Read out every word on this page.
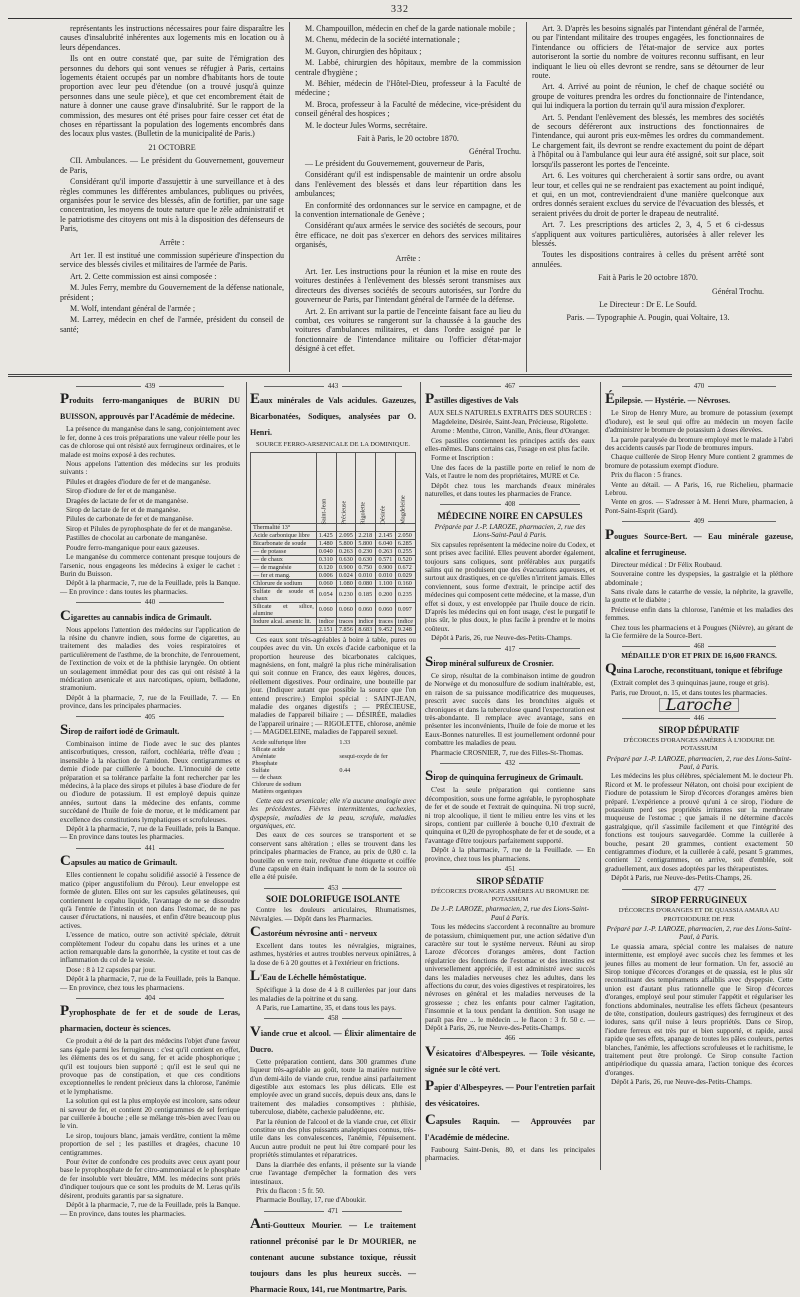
332

représentants les instructions nécessaires pour faire disparaître les causes d'insalubrité inhérentes aux logements mis en location ou à leurs dépendances.

Ils ont en outre constaté que, par suite de l'émigration des personnes du dehors qui sont venues se réfugier à Paris, certains logements étaient occupés par un nombre d'habitants hors de toute proportion avec leur peu d'étendue (on a trouvé jusqu'à quinze personnes dans une seule pièce), et que cet encombrement était de nature à donner une cause grave d'insalubrité. Sur le rapport de la commission, des mesures ont été prises pour faire cesser cet état de choses en répartissant la population des logements encombrés dans des locaux plus vastes. (Bulletin de la municipalité de Paris.)

21 OCTOBRE

CII. Ambulances. — Le président du Gouvernement, gouverneur de Paris,

Considérant qu'il importe d'assujettir à une surveillance et à des règles communes les différentes ambulances, publiques ou privées, organisées pour le service des blessés, afin de fortifier, par une sage concentration, les moyens de toute nature que le zèle administratif et le patriotisme des citoyens ont mis à la disposition des défenseurs de Paris,

Arrête :

Art 1er. Il est institué une commission supérieure d'inspection du service des blessés civiles et militaires de l'armée de Paris.

Art. 2. Cette commission est ainsi composée :

M. Jules Ferry, membre du Gouvernement de la défense nationale, président ;

M. Wolf, intendant général de l'armée ;

M. Larrey, médecin en chef de l'armée, président du conseil de santé;

M. Champouillon, médecin en chef de la garde nationale mobile ;

M. Chenu, médecin de la société internationale ;

M. Guyon, chirurgien des hôpitaux ;

M. Labbé, chirurgien des hôpitaux, membre de la commission centrale d'hygiène ;

M. Béhier, médecin de l'Hôtel-Dieu, professeur à la Faculté de médecine ;

M. Broca, professeur à la Faculté de médecine, vice-président du conseil général des hospices ;

M. le docteur Jules Worms, secrétaire.

Fait à Paris, le 20 octobre 1870.

Général Trochu.

— Le président du Gouvernement, gouverneur de Paris,

Considérant qu'il est indispensable de maintenir un ordre absolu dans l'enlèvement des blessés et dans leur répartition dans les ambulances;

En conformité des ordonnances sur le service en campagne, et de la convention internationale de Genève ;

Considérant qu'aux armées le service des sociétés de secours, pour être efficace, ne doit pas s'exercer en dehors des services militaires organisés,

Arrête :

Art. 1er. Les instructions pour la réunion et la mise en route des voitures destinées à l'enlèvement des blessés seront transmises aux directeurs des diverses sociétés de secours autorisées, sur l'ordre du gouverneur de Paris, par l'intendant général de l'armée de la défense.

Art. 2. En arrivant sur la partie de l'enceinte faisant face au lieu du combat, ces voitures se rangeront sur la chaussée à la gauche des voitures d'ambulances militaires, et dans l'ordre assigné par le fonctionnaire de l'intendance militaire ou l'officier d'état-major désigné à cet effet.

Art. 3. D'après les besoins signalés par l'intendant général de l'armée, ou par l'intendant militaire des troupes engagées, les fonctionnaires de l'intendance ou officiers de l'état-major de service aux portes autoriseront la sortie du nombre de voitures reconnu suffisant, en leur indiquant le lieu où elles devront se rendre, sans se détourner de leur route.

Art. 4. Arrivé au point de réunion, le chef de chaque société ou groupe de voitures prendra les ordres du fonctionnaire de l'intendance, qui lui indiquera la portion du terrain qu'il aura mission d'explorer.

Art. 5. Pendant l'enlèvement des blessés, les membres des sociétés de secours déféreront aux instructions des fonctionnaires de l'intendance, qui auront pris eux-mêmes les ordres du commandement. Le chargement fait, ils devront se rendre exactement du point de départ à l'hôpital ou à l'ambulance qui leur aura été assigné, soit sur place, soit lorsqu'ils passeront les portes de l'enceinte.

Art. 6. Les voitures qui chercheraient à sortir sans ordre, ou avant leur tour, et celles qui ne se rendraient pas exactement au point indiqué, et qui, en un mot, contreviendraient d'une manière quelconque aux ordres donnés seraient exclues du service de l'évacuation des blessés, et seraient privées du droit de porter le drapeau de neutralité.

Art. 7. Les prescriptions des articles 2, 3, 4, 5 et 6 ci-dessus s'appliquent aux voitures particulières, autorisées à aller relever les blessés.

Toutes les dispositions contraires à celles du présent arrêté sont annulées.

Fait à Paris le 20 octobre 1870.

Général Trochu.

Le Directeur : Dr E. Le Soufd.

Paris. — Typographie A. Pougin, quai Voltaire, 13.

439

Produits ferro-manganiques de BURIN DU BUISSON, approuvés par l'Académie de médecine.

La présence du manganèse dans le sang, conjointement avec le fer, donne à ces trois préparations une valeur réelle pour les cas de chlorose qui ont résisté aux ferrugineux ordinaires, et le malade est moins exposé à des rechutes.

Nous appelons l'attention des médecins sur les produits suivants :

Pilules et dragées d'iodure de fer et de manganèse.

Sirop d'iodure de fer et de manganèse.

Dragées de lactate de fer et de manganèse.

Sirop de lactate de fer et de manganèse.

Pilules de carbonate de fer et de manganèse.

Sirop et Pilules de pyrophosphate de fer et de manganèse.

Pastilles de chocolat au carbonate de manganèse.

Poudre ferro-manganique pour eaux gazeuses.

Le manganèse du commerce contenant presque toujours de l'arsenic, nous engageons les médecins à exiger le cachet : Burin du Buisson.

Dépôt à la pharmacie, 7, rue de la Feuillade, près la Banque. — En province : dans toutes les pharmacies.

440

Cigarettes au cannabis indica de Grimault.

Nous appelons l'attention des médecins sur l'application de la résine du chanvre indien, sous forme de cigarettes, au traitement des maladies des voies respiratoires et particulièrement de l'asthme, de la bronchite, de l'enrouement, de l'extinction de voix et de la phthisie laryngée. On obtient un soulagement immédiat pour des cas qui ont résisté à la médication arsenicale et aux narcotiques, opium, belladone, stramonium.

Dépôt à la pharmacie, 7, rue de la Feuillade, 7. — En province, dans les principales pharmacies.

405

Sirop de raifort iodé de Grimault.

Combinaison intime de l'iode avec le suc des plantes antiscorbutiques, cresson, raifort, cochléaria, trèfle d'eau ; insensible à la réaction de l'amidon. Deux centigrammes et demie d'iode par cuillerée à bouche. L'innocuité de cette préparation et sa tolérance parfaite la font rechercher par les médecins, à la place des sirops et pilules à base d'iodure de fer ou d'iodure de potassium. Il est employé depuis quinze années, surtout dans la médecine des enfants, comme succédané de l'huile de foie de morue, et le médicament par excellence des constitutions lymphatiques et scrofuleuses.

Dépôt à la pharmacie, 7, rue de la Feuillade, près la Banque. — En province dans toutes les pharmacies.

441

Capsules au matico de Grimault.

Elles contiennent le copahu solidifié associé à l'essence de matico (piper angustifolium du Pérou). Leur enveloppe est formée de gluten. Elles ont sur les capsules gélatineuses, qui contiennent le copahu liquide, l'avantage de ne se dissoudre qu'à l'entrée de l'intestin et non dans l'estomac, de ne pas causer d'éructations, ni nausées, et enfin d'être beaucoup plus actives.

L'essence de matico, outre son activité spéciale, détruit complètement l'odeur du copahu dans les urines et a une action remarquable dans la gonorrhée, la cystite et tout cas de inflammation du col de la vessie.

Dose : 8 à 12 capsules par jour.

Dépôt à la pharmacie, 7, rue de la Feuillade, près la Banque. — En province, chez tous les pharmaciens.

404

Pyrophosphate de fer et de soude de Leras, pharmacien, docteur ès sciences.

Ce produit a été de la part des médecins l'objet d'une faveur sans égale parmi les ferrugineux : c'est qu'il contient en effet, les éléments des os et du sang, fer et acide phosphorique ; qu'il est toujours bien supporté ; qu'il est le seul qui ne provoque pas de constipation, et que ces conditions exceptionnelles le rendent précieux dans la chlorose, l'anémie et le lymphatisme.

La solution qui est la plus employée est incolore, sans odeur ni saveur de fer, et contient 20 centigrammes de sel ferrique par cuillerée à bouche ; elle se mélange très-bien avec l'eau ou le vin.

Le sirop, toujours blanc, jamais verdâtre, contient la même proportion de sel ; les pastilles et dragées, chacune 10 centigrammes.

Pour éviter de confondre ces produits avec ceux ayant pour base le pyrophosphate de fer citro-ammoniacal et le phosphate de fer insoluble vert bleuâtre, MM. les médecins sont priés d'indiquer toujours que ce sont les produits de M. Leras qu'ils désirent, produits garantis par sa signature.

Dépôt à la pharmacie, 7, rue de la Feuillade, près la Banque. — En province, dans toutes les pharmacies.

443

Eaux minérales de Vals acidules. Gazeuzes, Bicarbonatées, Sodiques, analysées par O. Henri.

SOURCE FERRO-ARSENICALE DE LA DOMINIQUE.

	Saint-Jean	Précieuse	Rigolette	Désirée	Magdeleine
Thermalité 13°					
Acide carbonique libre	1.425	2.095	2.218	2.145	2.050
Bicarbonate de soude	1.480	5.800	5.800	6.040	6.285
— de potasse	0.040	0.263	0.230	0.263	0.255
— de chaux	0.310	0.630	0.630	0.571	0.520
— de magnésie	0.120	0.900	0.750	0.900	0.672
— fer et mang.	0.006	0.024	0.010	0.010	0.029
Chlorure de sodium	0.060	1.080	0.080	1.100	0.160
Sulfate de soude et chaux	0.054	0.230	0.185	0.200	0.235
Silicate et silice, alumine	0.060	0.060	0.060	0.060	0.097
Iodure alcal. arsenic lit.	indice	traces	indice	traces	indice
	2.151	7.856	8.683	9.452	9.248

Ces eaux sont très-agréables à boire à table, pures ou coupées avec du vin. Un excès d'acide carbonique et la proportion heureuse des bicarbonates calciques, magnésiens, en font, malgré la plus riche minéralisation qui soit connue en France, des eaux légères, douces, réellement digestives. Pour ordinaire, une bouteille par jour. (Indiquer autant que possible la source que l'on entend prescrire.) Emploi spécial : SAINT-JEAN, maladie des organes digestifs ; — PRÉCIEUSE, maladies de l'appareil biliaire ; — DÉSIRÉE, maladies de l'appareil urinaire ; — RIGOLETTE, chlorose, anémie ; — MAGDELEINE, maladies de l'appareil sexuel.

Acide sulfurique libre	1.33
Silicate acide	
Arséniate	sesqui-oxyde de fer
Phosphate	
Sulfate	0.44
— de chaux	
Chlorure de sodium	
Matières organiques	

Cette eau est arsenicale; elle n'a aucune analogie avec les précédentes. Fièvres intermittentes, cachexies, dyspepsie, maladies de la peau, scrofule, maladies organiques, etc.

Des eaux de ces sources se transportent et se conservent sans altération ; elles se trouvent dans les principales pharmacies de France, au prix de 0,80 c. la bouteille en verre noir, revêtue d'une étiquette et coiffée d'une capsule en étain indiquant le nom de la source où elle a été puisée.

453

SOIE DOLORIFUGE ISOLANTE

Contre les douleurs articulaires, Rhumatismes, Névralgies. — Dépôt dans les Pharmacies.

Castoréum névrosine anti - nerveux

Excellent dans toutes les névralgies, migraines, asthmes, hystéries et autres troubles nerveux opiniâtres, à la dose de 6 à 20 gouttes et à l'extérieur en frictions.

L'Eau de Léchelle hémôstatique.

Spécifique à la dose de 4 à 8 cuillerées par jour dans les maladies de la poitrine et du sang.

A Paris, rue Lamartine, 35, et dans tous les pays.

458

Viande crue et alcool. — Élixir alimentaire de Ducro.

Cette préparation contient, dans 300 grammes d'une liqueur très-agréable au goût, toute la matière nutritive d'un demi-kilo de viande crue, rendue ainsi parfaitement digestible aux estomacs les plus délicats. Elle est employée avec un grand succès, depuis deux ans, dans le traitement des maladies consomptives : phthisie, tuberculose, diabète, cachexie paludéenne, etc.

Par la réunion de l'alcool et de la viande crue, cet élixir constitue un des plus puissants analeptiques connus, très-utile dans les convalescences, l'anémie, l'épuisement. Aucun autre produit ne peut lui être comparé pour les propriétés stimulantes et réparatrices.

Dans la diarrhée des enfants, il présente sur la viande crue l'avantage d'empêcher la formation des vers intestinaux.

Prix du flacon : 5 fr. 50.

Pharmacie Boullay, 17, rue d'Aboukir.

471

Anti-Goutteux Mourier. — Le traitement rationnel préconisé par le Dr MOURIER, ne contenant aucune substance toxique, réussit toujours dans les plus heureux succès. — Pharmacie Roux, 141, rue Montmartre, Paris.

467

Pastilles digestives de Vals

AUX SELS NATURELS EXTRAITS DES SOURCES : Magdeleine, Désirée, Saint-Jean, Précieuse, Rigolette.

Arome : Menthe, Citron, Vanille, Anis, fleur d'Oranger.

Ces pastilles contiennent les principes actifs des eaux elles-mêmes. Dans certains cas, l'usage en est plus facile.

Forme et Inscription :

Une des faces de la pastille porte en relief le nom de Vals, et l'autre le nom des propriétaires, MURE et Ce.

Dépôt chez tous les marchands d'eaux minérales naturelles, et dans toutes les pharmacies de France.

408

MÉDECINE NOIRE EN CAPSULES

Préparée par J.-P. LAROZE, pharmacien, 2, rue des Lions-Saint-Paul à Paris.

Six capsules représentent la médecine noire du Codex, et sont prises avec facilité. Elles peuvent aborder également, toujours sans coliques, sont préférables aux purgatifs salins qui ne produisent que des évacuations aqueuses, et surtout aux drastiques, en ce qu'elles n'irritent jamais. Elles conviennent, sous forme d'extrait, le principe actif des médecines qui composent cette médecine, et la masse, d'un effet si doux, y est enveloppée par l'huile douce de ricin. D'après les médecins qui en font usage, c'est le purgatif le plus sûr, le plus doux, le plus facile à prendre et le moins coûteux.

Dépôt à Paris, 26, rue Neuve-des-Petits-Champs.

417

Sirop minéral sulfureux de Crosnier.

Ce sirop, résultat de la combinaison intime de goudron de Norwège et du monosulfure de sodium inaltérable, est, en raison de sa puissance modificatrice des muqueuses, prescrit avec succès dans les bronchites aiguës et chroniques et dans la tuberculose quand l'expectoration est très-abondante. Il remplace avec avantage, sans en présenter les inconvénients, l'huile de foie de morue et les Eaux-Bonnes naturelles. Il est journellement ordonné pour combattre les maladies de peau.

Pharmacie CROSNIER, 7, rue des Filles-St-Thomas.

432

Sirop de quinquina ferrugineux de Grimault.

C'est la seule préparation qui contienne sans décomposition, sous une forme agréable, le pyrophosphate de fer et de soude et l'extrait de quinquina. Ni trop sucré, ni trop alcoolique, il tient le milieu entre les vins et les sirops, contient par cuillerée à bouche 0,10 d'extrait de quinquina et 0,20 de pyrophosphate de fer et de soude, et a l'avantage d'être toujours parfaitement supporté.

Dépôt à la pharmacie, 7, rue de la Feuillade. — En province, chez tous les pharmaciens.

451

SIROP SÉDATIF

D'ÉCORCES D'ORANGES AMÈRES AU BROMURE DE POTASSIUM

De J.-P. LAROZE, pharmacien, 2, rue des Lions-Saint-Paul à Paris.

Tous les médecins s'accordent à reconnaître au bromure de potassium, chimiquement pur, une action sédative d'un caractère sur tout le système nerveux. Réuni au sirop Laroze d'écorces d'oranges amères, dont l'action régulatrice des fonctions de l'estomac et des intestins est universellement appréciée, il est administré avec succès dans les maladies nerveuses chez les adultes, dans les affections du cœur, des voies digestives et respiratoires, les névroses en général et les maladies nerveuses de la grossesse ; chez les enfants pour calmer l'agitation, l'insomnie et la toux pendant la dentition. Son usage ne paraît pas être ... le médecin ... le flacon : 3 fr. 50 c. — Dépôt à Paris, 26, rue Neuve-des-Petits-Champs.

466

Vésicatoires d'Albespeyres. — Toile vésicante, signée sur le côté vert.

Papier d'Albespeyres. — Pour l'entretien parfait des vésicatoires.

Capsules Raquin. — Approuvées par l'Académie de médecine.

Faubourg Saint-Denis, 80, et dans les principales pharmacies.

470

Épilepsie. — Hystérie. — Névroses.

Le Sirop de Henry Mure, au bromure de potassium (exempt d'iodure), est le seul qui offre au médecin un moyen facile d'administrer le bromure de potassium à doses élevées.

La parole paralysée du bromure employé met le malade à l'abri des accidents causés par l'iode de bromures impurs.

Chaque cuillerée de Sirop Henry Mure contient 2 grammes de bromure de potassium exempt d'iodure.

Prix du flacon : 5 francs.

Vente au détail. — A Paris, 16, rue Richelieu, pharmacie Lebrou.

Vente en gros. — S'adresser à M. Henri Mure, pharmacien, à Pont-Saint-Esprit (Gard).

409

Pougues Source-Bert. — Eau minérale gazeuse, alcaline et ferrugineuse.

Directeur médical : Dr Félix Roubaud.

Souveraine contre les dyspepsies, la gastralgie et la pléthore abdominale ;

Sans rivale dans le catarrhe de vessie, la néphrite, la gravelle, la goutte et le diabète ;

Précieuse enfin dans la chlorose, l'anémie et les maladies des femmes.

Chez tous les pharmaciens et à Pougues (Nièvre), au gérant de la Cie fermière de la Source-Bert.

468
MÉDAILLE D'OR ET PRIX DE 16,600 FRANCS.

Quina Laroche, reconstituant, tonique et fébrifuge

(Extrait complet des 3 quinquinas jaune, rouge et gris).

Paris, rue Drouot, n. 15, et dans toutes les pharmacies.

Laroche
446

SIROP DÉPURATIF

D'ÉCORCES D'ORANGES AMÈRES À L'IODURE DE POTASSIUM

Préparé par J.-P. LAROZE, pharmacien, 2, rue des Lions-Saint-Paul, à Paris.

Les médecins les plus célèbres, spécialement M. le docteur Ph. Ricord et M. le professeur Nélaton, ont choisi pour excipient de l'iodure de potassium le Sirop d'écorces d'oranges amères bien préparé. L'expérience a prouvé qu'uni à ce sirop, l'iodure de potassium perd ses propriétés irritantes sur la membrane muqueuse de l'estomac ; que jamais il ne détermine d'accès gastralgique, qu'il s'assimile facilement et que l'intégrité des fonctions est toujours sauvegardée. Comme la cuillerée à bouche, pesant 20 grammes, contient exactement 50 centigrammes d'iodure, et la cuillerée à café, pesant 5 grammes, contient 12 centigrammes, on arrive, soit d'emblée, soit graduellement, aux doses adoptées par les thérapeutistes.

Dépôt à Paris, rue Neuve-des-Petits-Champs, 26.

477

SIROP FERRUGINEUX

D'ÉCORCES D'ORANGES ET DE QUASSIA AMARA AU PROTOIODURE DE FER

Préparé par J.-P. LAROZE, pharmacien, 2, rue des Lions-Saint-Paul, à Paris.

Le quassia amara, spécial contre les malaises de nature intermittente, est employé avec succès chez les femmes et les jeunes filles au moment de leur formation. Un fer, associé au Sirop tonique d'écorces d'oranges et de quassia, est le plus sûr reconstituant des tempéraments affaiblis avec dyspepsie. Cette union est d'autant plus rationnelle que le Sirop d'écorces d'oranges, employé seul pour stimuler l'appétit et régulariser les fonctions abdominales, neutralise les effets fâcheux (pesanteurs de tête, constipation, douleurs gastriques) des ferrugineux et des iodures, sans qu'il nuise à leurs propriétés. Dans ce Sirop, l'iodure ferreux est très pur et bien supporté, et rapide, aussi rapide que ses effets, apanage de toutes les pâles couleurs, pertes blanches, l'anémie, les affections scrofuleuses et le rachitisme, le traitement peut être prolongé. Ce Sirop consulte l'action antipériodique du quassia amara, l'action tonique des écorces d'oranges.

Dépôt à Paris, 26, rue Neuve-des-Petits-Champs.
